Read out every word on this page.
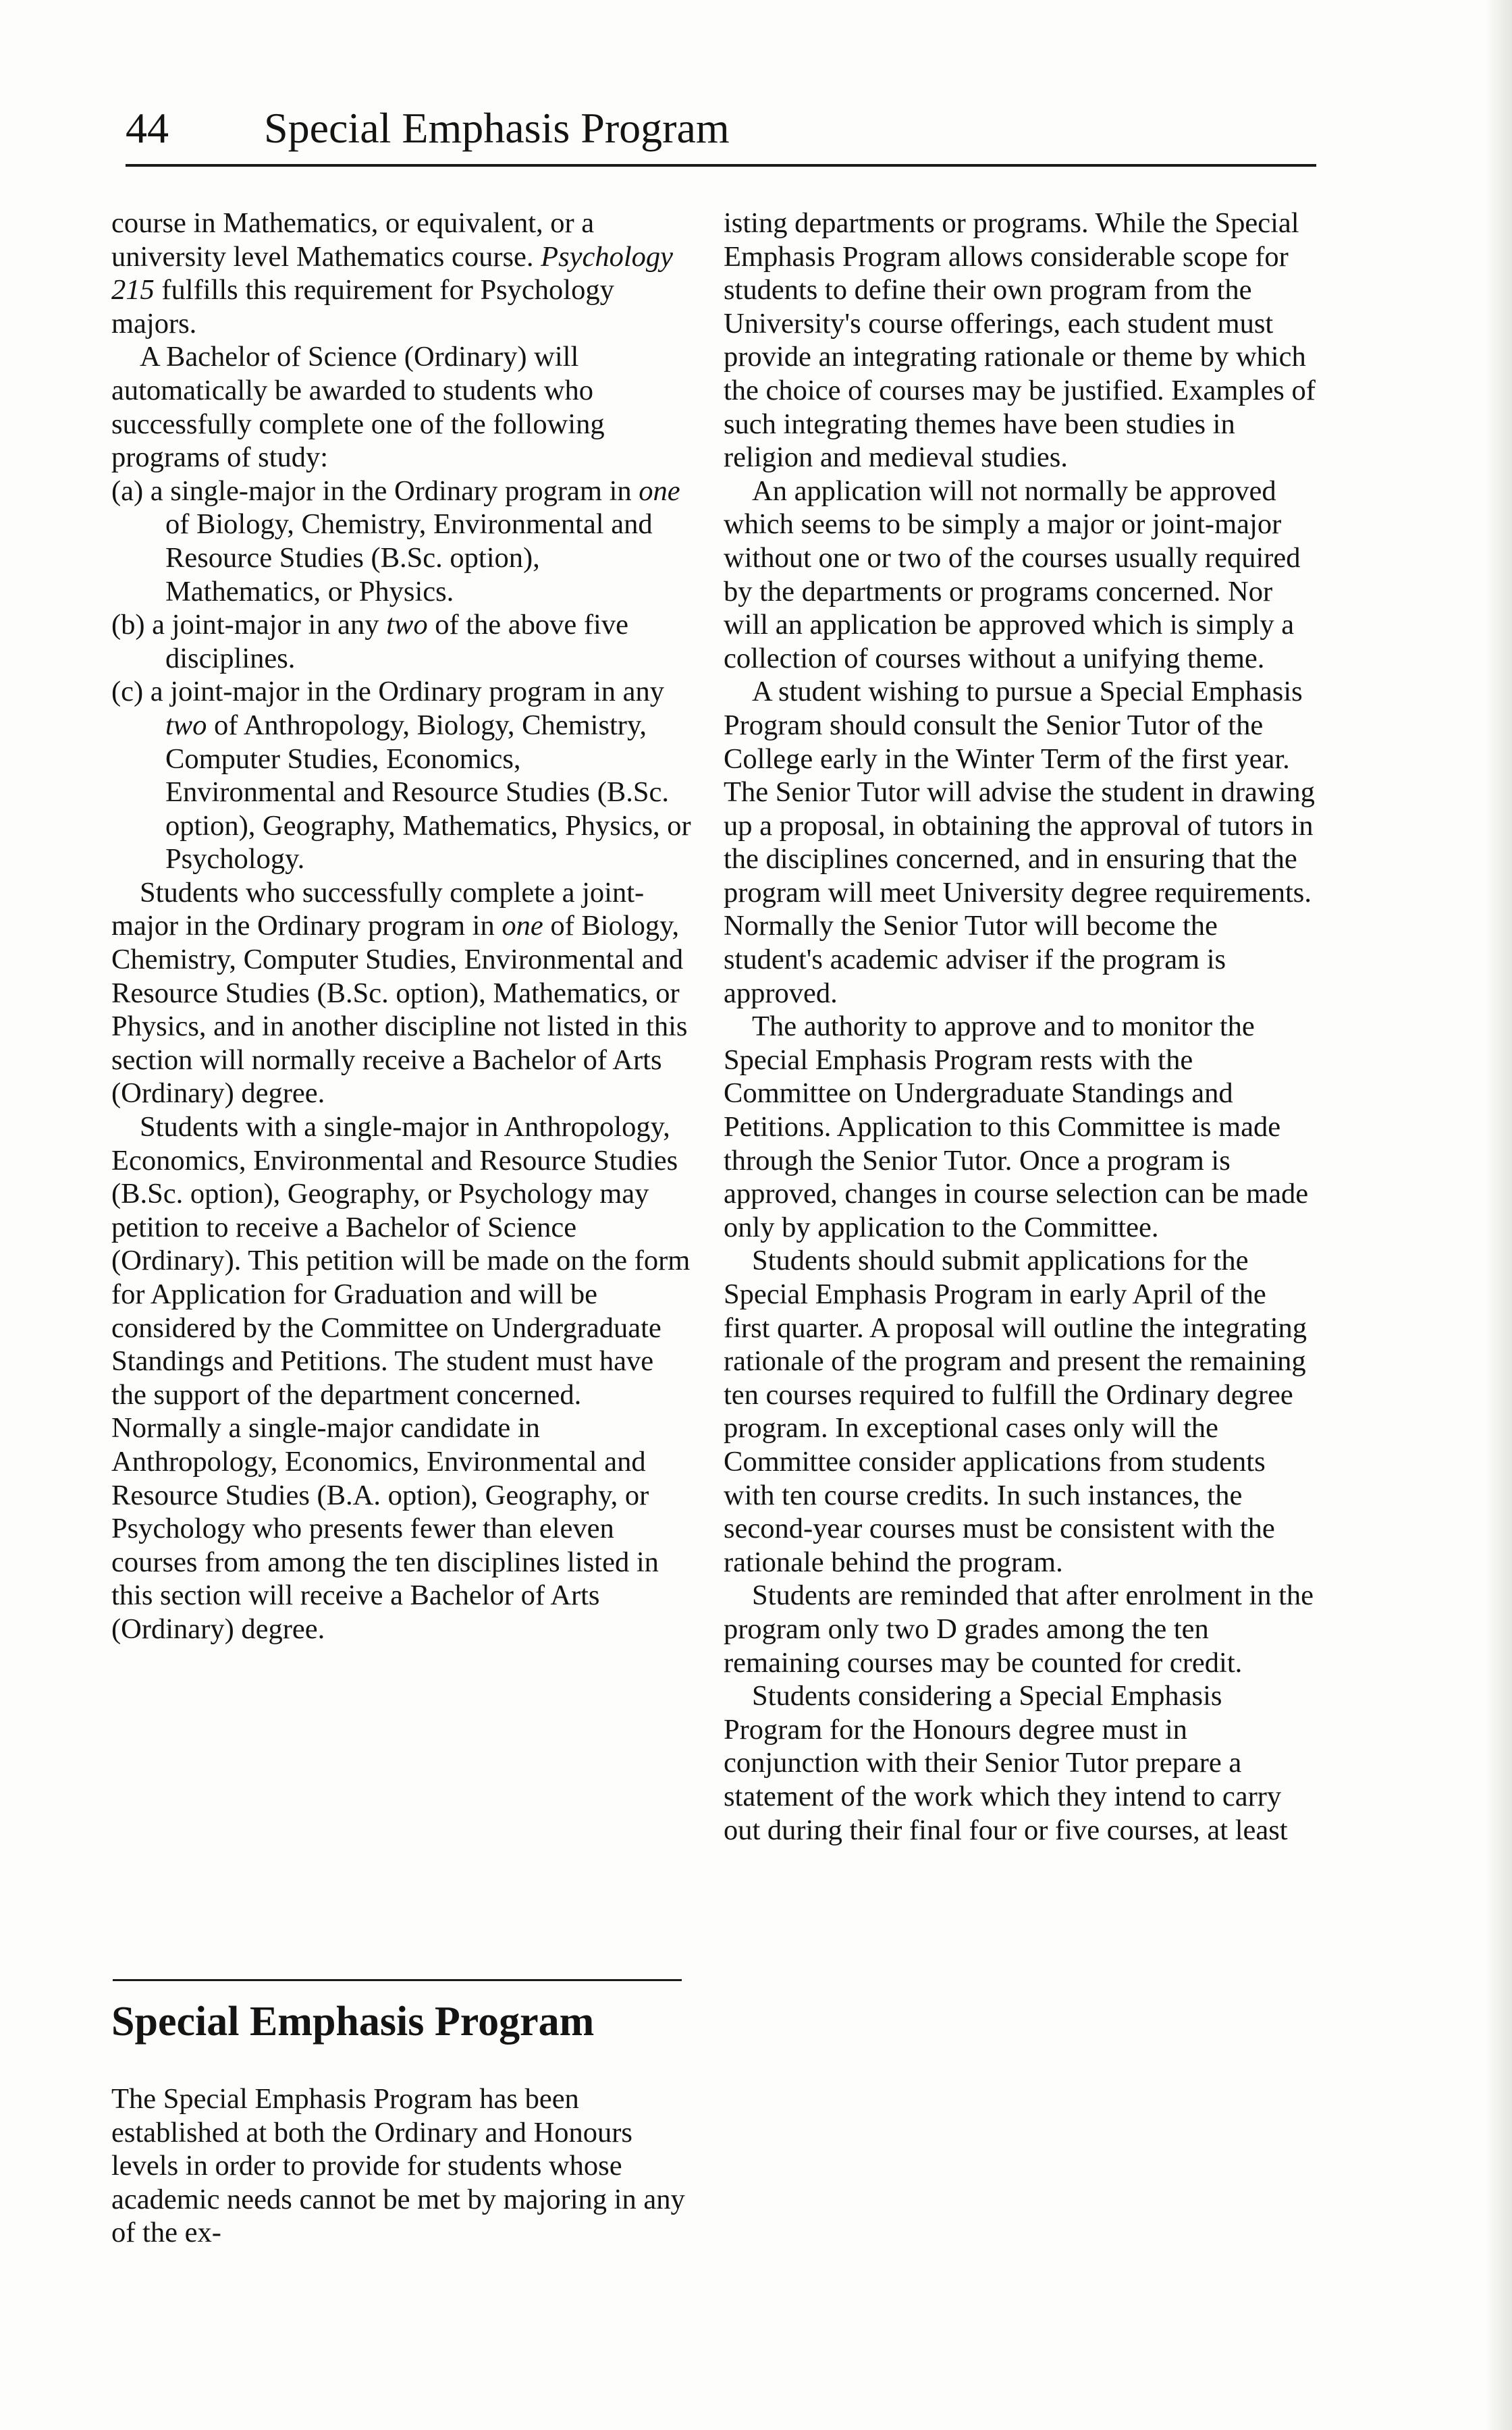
44 Special Emphasis Program

course in Mathematics, or equivalent, or a university level Mathematics course. Psychology 215 fulfills this requirement for Psychology majors.

A Bachelor of Science (Ordinary) will automatically be awarded to students who successfully complete one of the following programs of study:

(a) a single-major in the Ordinary program in one of Biology, Chemistry, Environmental and Resource Studies (B.Sc. option), Mathematics, or Physics.

(b) a joint-major in any two of the above five disciplines.

(c) a joint-major in the Ordinary program in any two of Anthropology, Biology, Chemistry, Computer Studies, Economics, Environmental and Resource Studies (B.Sc. option), Geography, Mathematics, Physics, or Psychology.

Students who successfully complete a joint-major in the Ordinary program in one of Biology, Chemistry, Computer Studies, Environmental and Resource Studies (B.Sc. option), Mathematics, or Physics, and in another discipline not listed in this section will normally receive a Bachelor of Arts (Ordinary) degree.

Students with a single-major in Anthropology, Economics, Environmental and Resource Studies (B.Sc. option), Geography, or Psychology may petition to receive a Bachelor of Science (Ordinary). This petition will be made on the form for Application for Graduation and will be considered by the Committee on Undergraduate Standings and Petitions. The student must have the support of the department concerned. Normally a single-major candidate in Anthropology, Economics, Environmental and Resource Studies (B.A. option), Geography, or Psychology who presents fewer than eleven courses from among the ten disciplines listed in this section will receive a Bachelor of Arts (Ordinary) degree.

Special Emphasis Program

The Special Emphasis Program has been established at both the Ordinary and Honours levels in order to provide for students whose academic needs cannot be met by majoring in any of the ex-

isting departments or programs. While the Special Emphasis Program allows considerable scope for students to define their own program from the University's course offerings, each student must provide an integrating rationale or theme by which the choice of courses may be justified. Examples of such integrating themes have been studies in religion and medieval studies.

An application will not normally be approved which seems to be simply a major or joint-major without one or two of the courses usually required by the departments or programs concerned. Nor will an application be approved which is simply a collection of courses without a unifying theme.

A student wishing to pursue a Special Emphasis Program should consult the Senior Tutor of the College early in the Winter Term of the first year. The Senior Tutor will advise the student in drawing up a proposal, in obtaining the approval of tutors in the disciplines concerned, and in ensuring that the program will meet University degree requirements. Normally the Senior Tutor will become the student's academic adviser if the program is approved.

The authority to approve and to monitor the Special Emphasis Program rests with the Committee on Undergraduate Standings and Petitions. Application to this Committee is made through the Senior Tutor. Once a program is approved, changes in course selection can be made only by application to the Committee.

Students should submit applications for the Special Emphasis Program in early April of the first quarter. A proposal will outline the integrating rationale of the program and present the remaining ten courses required to fulfill the Ordinary degree program. In exceptional cases only will the Committee consider applications from students with ten course credits. In such instances, the second-year courses must be consistent with the rationale behind the program.

Students are reminded that after enrolment in the program only two D grades among the ten remaining courses may be counted for credit.

Students considering a Special Emphasis Program for the Honours degree must in conjunction with their Senior Tutor prepare a statement of the work which they intend to carry out during their final four or five courses, at least
